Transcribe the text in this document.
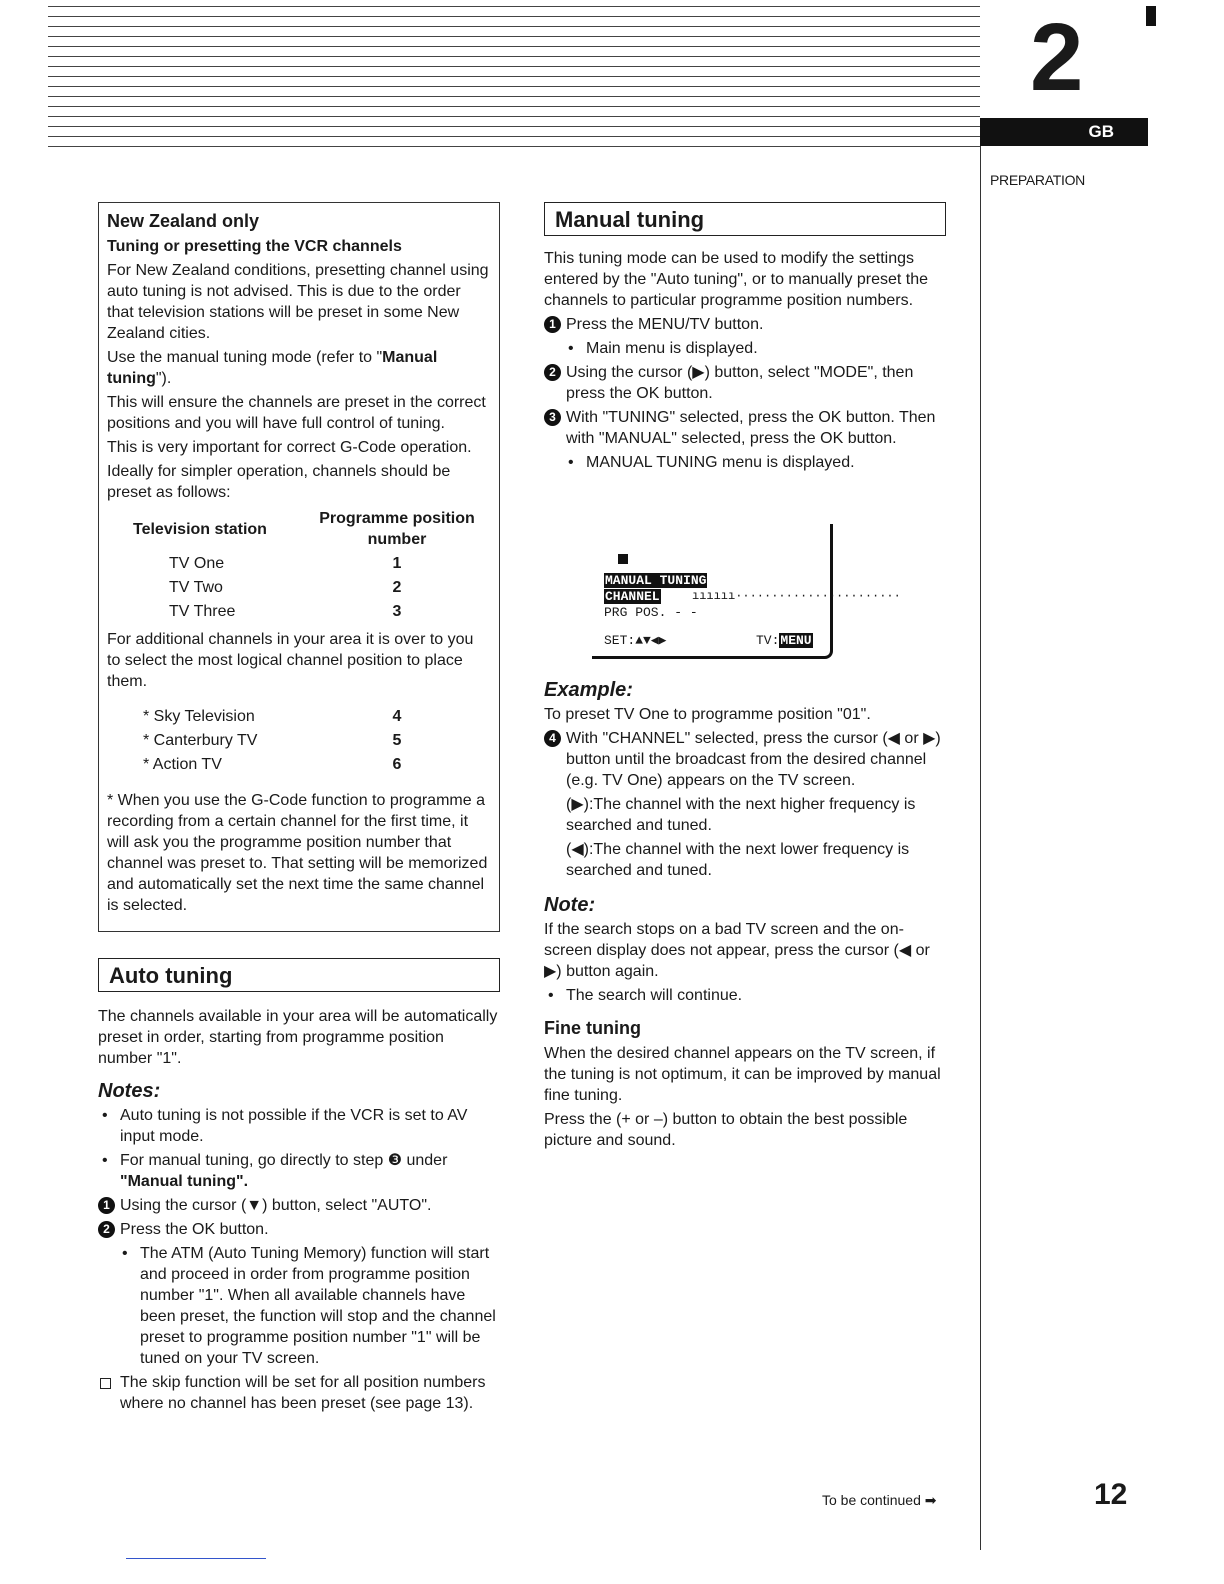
2
GB
PREPARATION

New Zealand only

Tuning or presetting the VCR channels

For New Zealand conditions, presetting channel using auto tuning is not advised. This is due to the order that television stations will be preset in some New Zealand cities.

Use the manual tuning mode (refer to "Manual tuning").

This will ensure the channels are preset in the correct positions and you will have full control of tuning.

This is very important for correct G-Code operation.

Ideally for simpler operation, channels should be preset as follows:

Television station
Programme position number
TV One	1
TV Two	2
TV Three	3

For additional channels in your area it is over to you to select the most logical channel position to place them.

* Sky Television	4
* Canterbury TV	5
* Action TV	6

* When you use the G-Code function to programme a recording from a certain channel for the first time, it will ask you the programme position number that channel was preset to. That setting will be memorized and automatically set the next time the same channel is selected.

Auto tuning

The channels available in your area will be automatically preset in order, starting from programme position number "1".

Notes:

• Auto tuning is not possible if the VCR is set to AV input mode.

• For manual tuning, go directly to step ❸ under
"Manual tuning".

1 Using the cursor (▼) button, select "AUTO".

2 Press the OK button.

• The ATM (Auto Tuning Memory) function will start and proceed in order from programme position number "1". When all available channels have been preset, the function will stop and the channel preset to programme position number "1" will be tuned on your TV screen.

The skip function will be set for all position numbers where no channel has been preset (see page 13).

Manual tuning

This tuning mode can be used to modify the settings entered by the "Auto tuning", or to manually preset the channels to particular programme position numbers.

1 Press the MENU/TV button.

• Main menu is displayed.

2 Using the cursor (▶) button, select "MODE", then press the OK button.

3 With "TUNING" selected, press the OK button. Then with "MANUAL" selected, press the OK button.

• MANUAL TUNING menu is displayed.

MANUAL TUNING
CHANNEL	ıııııı·······················
PRG POS. - -
SET:▲▼◀▶	TV:MENU

Example:

To preset TV One to programme position "01".

4 With "CHANNEL" selected, press the cursor (◀ or ▶) button until the broadcast from the desired channel (e.g. TV One) appears on the TV screen.

(▶):The channel with the next higher frequency is searched and tuned.

(◀):The channel with the next lower frequency is searched and tuned.

Note:

If the search stops on a bad TV screen and the on-screen display does not appear, press the cursor (◀ or ▶) button again.

• The search will continue.

Fine tuning

When the desired channel appears on the TV screen, if the tuning is not optimum, it can be improved by manual fine tuning.

Press the (+ or –) button to obtain the best possible picture and sound.

To be continued ➡	12
